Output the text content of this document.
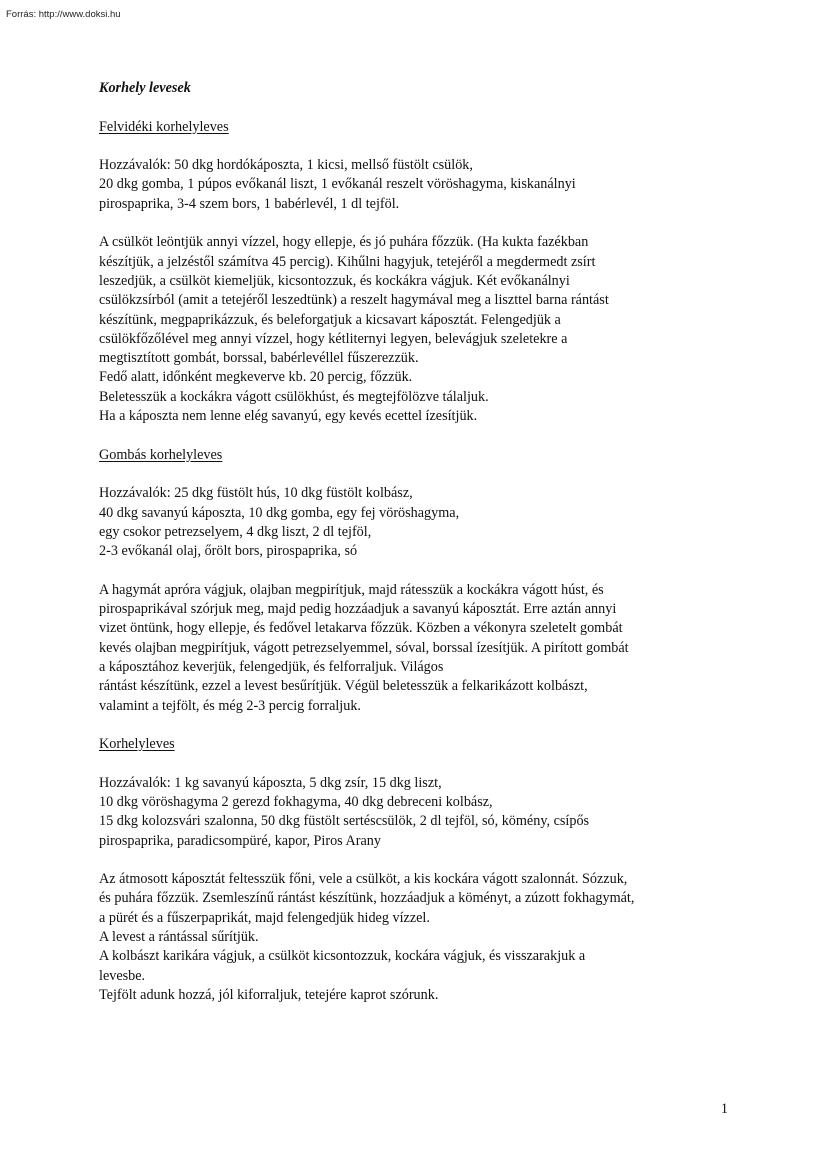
Forrás: http://www.doksi.hu
Korhely levesek
Felvidéki korhelyleves
Hozzávalók: 50 dkg hordókáposzta, 1 kicsi, mellső füstölt csülök,
20 dkg gomba, 1 púpos evőkanál liszt, 1 evőkanál reszelt vöröshagyma, kiskanálnyi
pirospaprika, 3-4 szem bors, 1 babérlevél, 1 dl tejföl.
A csülköt leöntjük annyi vízzel, hogy ellepje, és jó puhára főzzük. (Ha kukta fazékban
készítjük, a jelzéstől számítva 45 percig). Kihűlni hagyjuk, tetejéről a megdermedt zsírt
leszedjük, a csülköt kiemeljük, kicsontozzuk, és kockákra vágjuk. Két evőkanálnyi
csülökzsírból (amit a tetejéről leszedtünk) a reszelt hagymával meg a liszttel barna rántást
készítünk, megpaprikázzuk, és beleforgatjuk a kicsavart káposztát. Felengedjük a
csülökfőzőlével meg annyi vízzel, hogy kétliternyi legyen, belevágjuk szeletekre a
megtisztított gombát, borssal, babérlevéllel fűszerezzük.
Fedő alatt, időnként megkeverve kb. 20 percig, főzzük.
Beletesszük a kockákra vágott csülökhúst, és megtejfölözve tálaljuk.
Ha a káposzta nem lenne elég savanyú, egy kevés ecettel ízesítjük.
Gombás korhelyleves
Hozzávalók: 25 dkg füstölt hús, 10 dkg füstölt kolbász,
40 dkg savanyú káposzta, 10 dkg gomba, egy fej vöröshagyma,
egy csokor petrezselyem, 4 dkg liszt, 2 dl tejföl,
2-3 evőkanál olaj, őrölt bors, pirospaprika, só
A hagymát apróra vágjuk, olajban megpirítjuk, majd rátesszük a kockákra vágott húst, és
pirospaprikával szórjuk meg, majd pedig hozzáadjuk a savanyú káposztát. Erre aztán annyi
vizet öntünk, hogy ellepje, és fedővel letakarva főzzük. Közben a vékonyra szeletelt gombát
kevés olajban megpirítjuk, vágott petrezselyemmel, sóval, borssal ízesítjük. A pirított gombát
a káposztához keverjük, felengedjük, és felforraljuk. Világos
rántást készítünk, ezzel a levest besűrítjük. Végül beletesszük a felkarikázott kolbászt,
valamint a tejfölt, és még 2-3 percig forraljuk.
Korhelyleves
Hozzávalók: 1 kg savanyú káposzta, 5 dkg zsír, 15 dkg liszt,
10 dkg vöröshagyma 2 gerezd fokhagyma, 40 dkg debreceni kolbász,
15 dkg kolozsvári szalonna, 50 dkg füstölt sertéscsülök, 2 dl tejföl, só, kömény, csípős
pirospaprika, paradicsompüré, kapor, Piros Arany
Az átmosott káposztát feltesszük főni, vele a csülköt, a kis kockára vágott szalonnát. Sózzuk,
és puhára főzzük. Zsemleszínű rántást készítünk, hozzáadjuk a köményt, a zúzott fokhagymát,
a pürét és a fűszerpaprikát, majd felengedjük hideg vízzel.
A levest a rántással sűrítjük.
A kolbászt karikára vágjuk, a csülköt kicsontozzuk, kockára vágjuk, és visszarakjuk a
levesbe.
Tejfölt adunk hozzá, jól kiforraljuk, tetejére kaprot szórunk.
1
